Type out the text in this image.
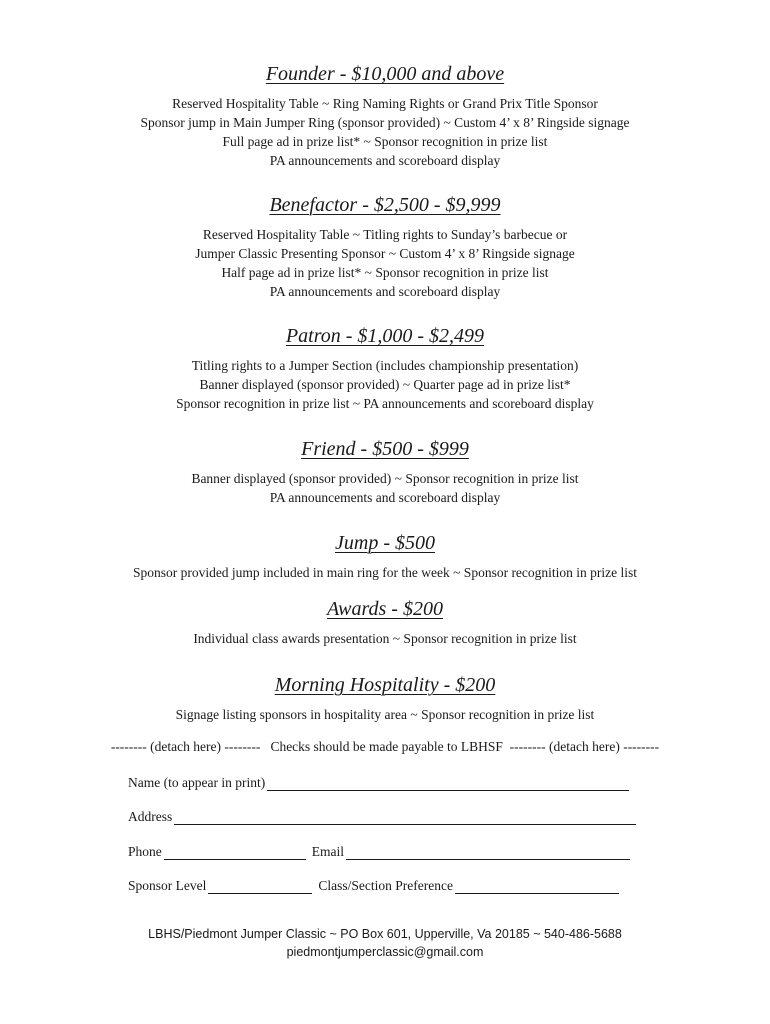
Founder - $10,000 and above
Reserved Hospitality Table ~ Ring Naming Rights or Grand Prix Title Sponsor
Sponsor jump in Main Jumper Ring (sponsor provided) ~ Custom 4’ x 8’ Ringside signage
Full page ad in prize list* ~ Sponsor recognition in prize list
PA announcements and scoreboard display
Benefactor - $2,500 - $9,999
Reserved Hospitality Table ~ Titling rights to Sunday’s barbecue or
Jumper Classic Presenting Sponsor ~ Custom 4’ x 8’ Ringside signage
Half page ad in prize list* ~ Sponsor recognition in prize list
PA announcements and scoreboard display
Patron - $1,000 - $2,499
Titling rights to a Jumper Section (includes championship presentation)
Banner displayed (sponsor provided) ~ Quarter page ad in prize list*
Sponsor recognition in prize list ~ PA announcements and scoreboard display
Friend - $500 - $999
Banner displayed (sponsor provided) ~ Sponsor recognition in prize list
PA announcements and scoreboard display
Jump - $500
Sponsor provided jump included in main ring for the week ~ Sponsor recognition in prize list
Awards - $200
Individual class awards presentation ~ Sponsor recognition in prize list
Morning Hospitality - $200
Signage listing sponsors in hospitality area ~ Sponsor recognition in prize list
-------- (detach here) --------   Checks should be made payable to LBHSF  -------- (detach here) --------
Name (to appear in print)
Address
Phone	Email
Sponsor Level	Class/Section Preference
LBHS/Piedmont Jumper Classic ~ PO Box 601, Upperville, Va 20185 ~ 540-486-5688
piedmontjumperclassic@gmail.com
